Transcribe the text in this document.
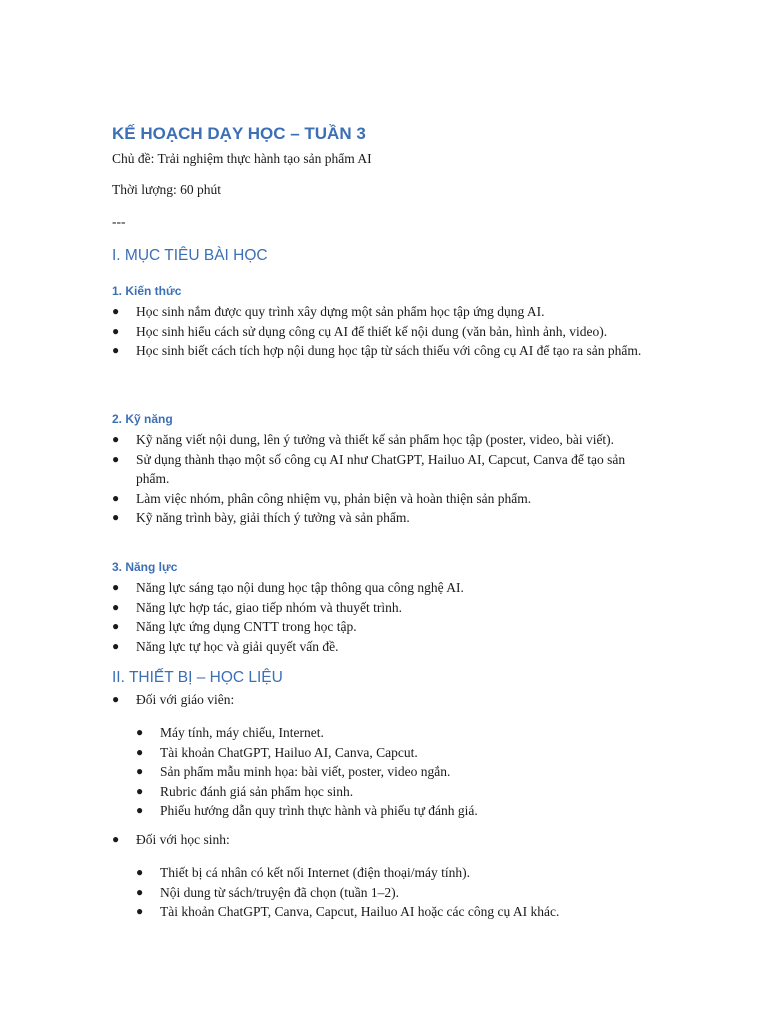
KẾ HOẠCH DẠY HỌC – TUẦN 3
Chủ đề: Trải nghiệm thực hành tạo sản phẩm AI
Thời lượng: 60 phút
---
I. MỤC TIÊU BÀI HỌC
1. Kiến thức
● Học sinh nắm được quy trình xây dựng một sản phẩm học tập ứng dụng AI.
● Học sinh hiểu cách sử dụng công cụ AI để thiết kế nội dung (văn bản, hình ảnh, video).
● Học sinh biết cách tích hợp nội dung học tập từ sách thiếu với công cụ AI để tạo ra sản phẩm.
2. Kỹ năng
● Kỹ năng viết nội dung, lên ý tưởng và thiết kế sản phẩm học tập (poster, video, bài viết).
● Sử dụng thành thạo một số công cụ AI như ChatGPT, Hailuo AI, Capcut, Canva để tạo sản phẩm.
● Làm việc nhóm, phân công nhiệm vụ, phản biện và hoàn thiện sản phẩm.
● Kỹ năng trình bày, giải thích ý tưởng và sản phẩm.
3. Năng lực
● Năng lực sáng tạo nội dung học tập thông qua công nghệ AI.
● Năng lực hợp tác, giao tiếp nhóm và thuyết trình.
● Năng lực ứng dụng CNTT trong học tập.
● Năng lực tự học và giải quyết vấn đề.
II. THIẾT BỊ – HỌC LIỆU
● Đối với giáo viên:
● Máy tính, máy chiếu, Internet.
● Tài khoản ChatGPT, Hailuo AI, Canva, Capcut.
● Sản phẩm mẫu minh họa: bài viết, poster, video ngắn.
● Rubric đánh giá sản phẩm học sinh.
● Phiếu hướng dẫn quy trình thực hành và phiếu tự đánh giá.
● Đối với học sinh:
● Thiết bị cá nhân có kết nối Internet (điện thoại/máy tính).
● Nội dung từ sách/truyện đã chọn (tuần 1–2).
● Tài khoản ChatGPT, Canva, Capcut, Hailuo AI hoặc các công cụ AI khác.
